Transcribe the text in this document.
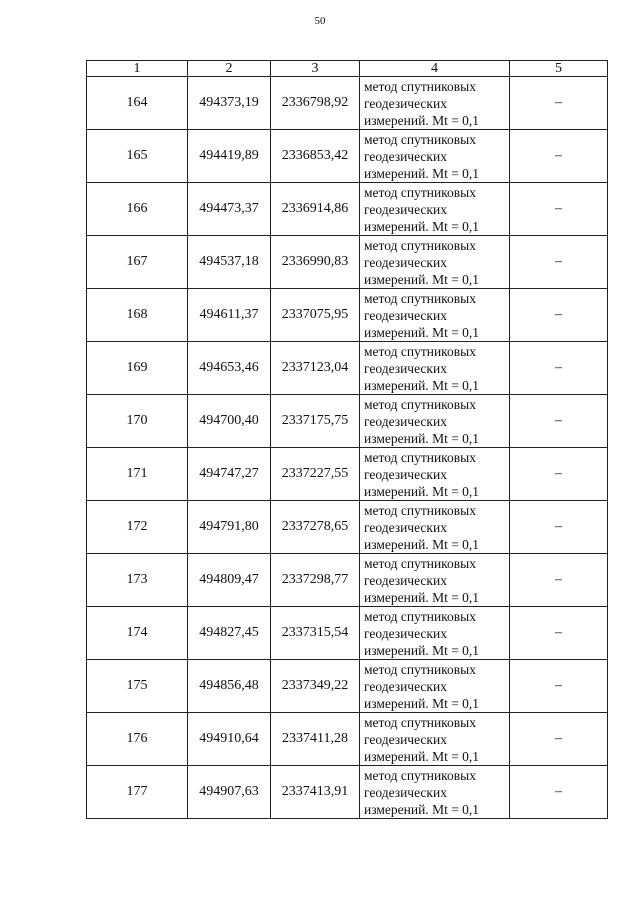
50
1	2	3	4	5
164	494373,19	2336798,92	метод спутниковых
геодезических
измерений. Mt = 0,1	–
165	494419,89	2336853,42	метод спутниковых
геодезических
измерений. Mt = 0,1	–
166	494473,37	2336914,86	метод спутниковых
геодезических
измерений. Mt = 0,1	–
167	494537,18	2336990,83	метод спутниковых
геодезических
измерений. Mt = 0,1	–
168	494611,37	2337075,95	метод спутниковых
геодезических
измерений. Mt = 0,1	–
169	494653,46	2337123,04	метод спутниковых
геодезических
измерений. Mt = 0,1	–
170	494700,40	2337175,75	метод спутниковых
геодезических
измерений. Mt = 0,1	–
171	494747,27	2337227,55	метод спутниковых
геодезических
измерений. Mt = 0,1	–
172	494791,80	2337278,65	метод спутниковых
геодезических
измерений. Mt = 0,1	–
173	494809,47	2337298,77	метод спутниковых
геодезических
измерений. Mt = 0,1	–
174	494827,45	2337315,54	метод спутниковых
геодезических
измерений. Mt = 0,1	–
175	494856,48	2337349,22	метод спутниковых
геодезических
измерений. Mt = 0,1	–
176	494910,64	2337411,28	метод спутниковых
геодезических
измерений. Mt = 0,1	–
177	494907,63	2337413,91	метод спутниковых
геодезических
измерений. Mt = 0,1	–
